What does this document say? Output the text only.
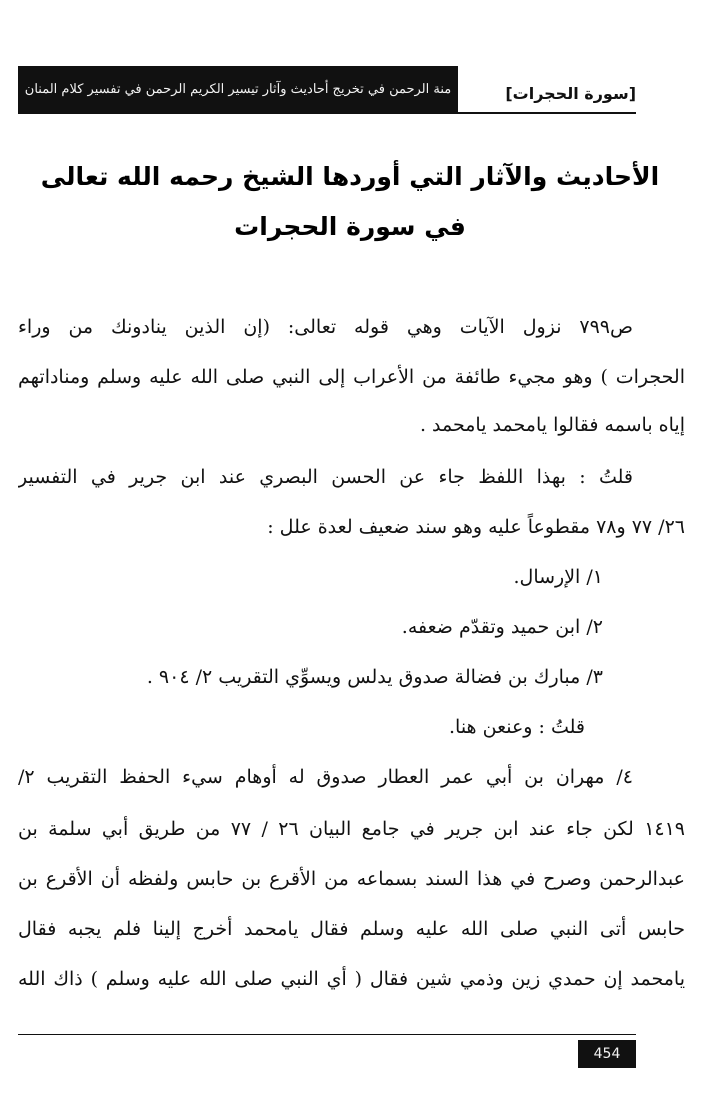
منة الرحمن في تخريج أحاديث وآثار تيسير الكريم الرحمن في تفسير كلام المنان	[سورة الحجرات]
الأحاديث والآثار التي أوردها الشيخ رحمه الله تعالى
في سورة الحجرات
ص٧٩٩ نزول الآيات وهي قوله تعالى: (إن الذين ينادونك من وراء
الحجرات ) وهو مجيء طائفة من الأعراب إلى النبي صلى الله عليه وسلم ومناداتهم
إياه باسمه فقالوا يامحمد يامحمد .
قلتُ : بهذا اللفظ جاء عن الحسن البصري عند ابن جرير في التفسير
٢٦/ ٧٧ و٧٨ مقطوعاً عليه وهو سند ضعيف لعدة علل :
١/ الإرسال.
٢/ ابن حميد وتقدّم ضعفه.
٣/ مبارك بن فضالة صدوق يدلس ويسوِّي التقريب ٢/ ٩٠٤ .
قلتُ : وعنعن هنا.
٤/ مهران بن أبي عمر العطار صدوق له أوهام سيء الحفظ التقريب ٢/
١٤١٩ لكن جاء عند ابن جرير في جامع البيان ٢٦ / ٧٧ من طريق أبي سلمة بن
عبدالرحمن وصرح في هذا السند بسماعه من الأقرع بن حابس ولفظه أن الأقرع بن
حابس أتى النبي صلى الله عليه وسلم فقال يامحمد أخرج إلينا فلم يجبه فقال
يامحمد إن حمدي زين وذمي شين فقال ( أي النبي صلى الله عليه وسلم ) ذاك الله
454
